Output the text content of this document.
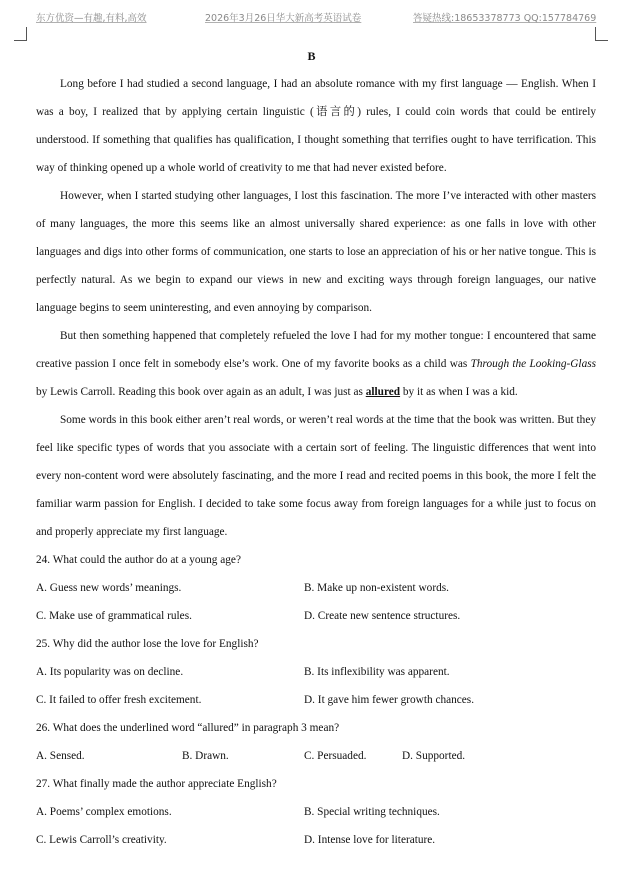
东方优资—有趣,有料,高效	2026年3月26日华大新高考英语试卷	答疑热线:18653378773 QQ:157784769
B

Long before I had studied a second language, I had an absolute romance with my first language — English. When I was a boy, I realized that by applying certain linguistic (语言的) rules, I could coin words that could be entirely understood. If something that qualifies has qualification, I thought something that terrifies ought to have terrification. This way of thinking opened up a whole world of creativity to me that had never existed before.

However, when I started studying other languages, I lost this fascination. The more I’ve interacted with other masters of many languages, the more this seems like an almost universally shared experience: as one falls in love with other languages and digs into other forms of communication, one starts to lose an appreciation of his or her native tongue. This is perfectly natural. As we begin to expand our views in new and exciting ways through foreign languages, our native language begins to seem uninteresting, and even annoying by comparison.

But then something happened that completely refueled the love I had for my mother tongue: I encountered that same creative passion I once felt in somebody else’s work. One of my favorite books as a child was Through the Looking-Glass by Lewis Carroll. Reading this book over again as an adult, I was just as allured by it as when I was a kid.

Some words in this book either aren’t real words, or weren’t real words at the time that the book was written. But they feel like specific types of words that you associate with a certain sort of feeling. The linguistic differences that went into every non-content word were absolutely fascinating, and the more I read and recited poems in this book, the more I felt the familiar warm passion for English. I decided to take some focus away from foreign languages for a while just to focus on and properly appreciate my first language.

24. What could the author do at a young age?
A. Guess new words’ meanings.	B. Make up non-existent words.
C. Make use of grammatical rules.	D. Create new sentence structures.
25. Why did the author lose the love for English?
A. Its popularity was on decline.	B. Its inflexibility was apparent.
C. It failed to offer fresh excitement.	D. It gave him fewer growth chances.
26. What does the underlined word “allured” in paragraph 3 mean?
A. Sensed.	B. Drawn.	C. Persuaded.	D. Supported.
27. What finally made the author appreciate English?
A. Poems’ complex emotions.	B. Special writing techniques.
C. Lewis Carroll’s creativity.	D. Intense love for literature.
